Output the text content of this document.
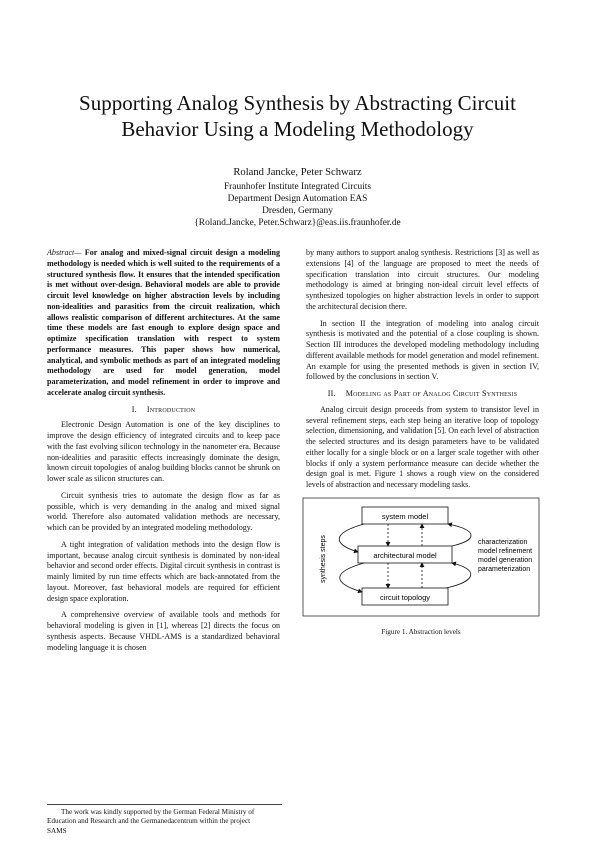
Supporting Analog Synthesis by Abstracting Circuit Behavior Using a Modeling Methodology
Roland Jancke, Peter Schwarz
Fraunhofer Institute Integrated Circuits
Department Design Automation EAS
Dresden, Germany
{Roland.Jancke, Peter.Schwarz}@eas.iis.fraunhofer.de

Abstract— For analog and mixed-signal circuit design a modeling methodology is needed which is well suited to the requirements of a structured synthesis flow. It ensures that the intended specification is met without over-design. Behavioral models are able to provide circuit level knowledge on higher abstraction levels by including non-idealities and parasitics from the circuit realization, which allows realistic comparison of different architectures. At the same time these models are fast enough to explore design space and optimize specification translation with respect to system performance measures. This paper shows how numerical, analytical, and symbolic methods as part of an integrated modeling methodology are used for model generation, model parameterization, and model refinement in order to improve and accelerate analog circuit synthesis.

I. Introduction

Electronic Design Automation is one of the key disciplines to improve the design efficiency of integrated circuits and to keep pace with the fast evolving silicon technology in the nanometer era. Because non-idealities and parasitic effects increasingly dominate the design, known circuit topologies of analog building blocks cannot be shrunk on lower scale as silicon structures can.

Circuit synthesis tries to automate the design flow as far as possible, which is very demanding in the analog and mixed signal world. Therefore also automated validation methods are necessary, which can be provided by an integrated modeling methodology.

A tight integration of validation methods into the design flow is important, because analog circuit synthesis is dominated by non-ideal behavior and second order effects. Digital circuit synthesis in contrast is mainly limited by run time effects which are back-annotated from the layout. Moreover, fast behavioral models are required for efficient design space exploration.

A comprehensive overview of available tools and methods for behavioral modeling is given in [1], whereas [2] directs the focus on synthesis aspects. Because VHDL-AMS is a standardized behavioral modeling language it is chosen

by many authors to support analog synthesis. Restrictions [3] as well as extensions [4] of the language are proposed to meet the needs of specification translation into circuit structures. Our modeling methodology is aimed at bringing non-ideal circuit level effects of synthesized topologies on higher abstraction levels in order to support the architectural decision there.

In section II the integration of modeling into analog circuit synthesis is motivated and the potential of a close coupling is shown. Section III introduces the developed modeling methodology including different available methods for model generation and model refinement. An example for using the presented methods is given in section IV, followed by the conclusions in section V.

II. Modeling as Part of Analog Circuit Synthesis

Analog circuit design proceeds from system to transistor level in several refinement steps, each step being an iterative loop of topology selection, dimensioning, and validation [5]. On each level of abstraction the selected structures and its design parameters have to be validated either locally for a single block or on a larger scale together with other blocks if only a system performance measure can decide whether the design goal is met. Figure 1 shows a rough view on the considered levels of abstraction and necessary modeling tasks.

system model
architectural model
circuit topology
synthesis steps	characterization
model refinement
model generation
parameterization
Figure 1. Abstraction levels
The work was kindly supported by the German Federal Ministry of
Education and Research and the Germanedacentrum within the project
SAMS
